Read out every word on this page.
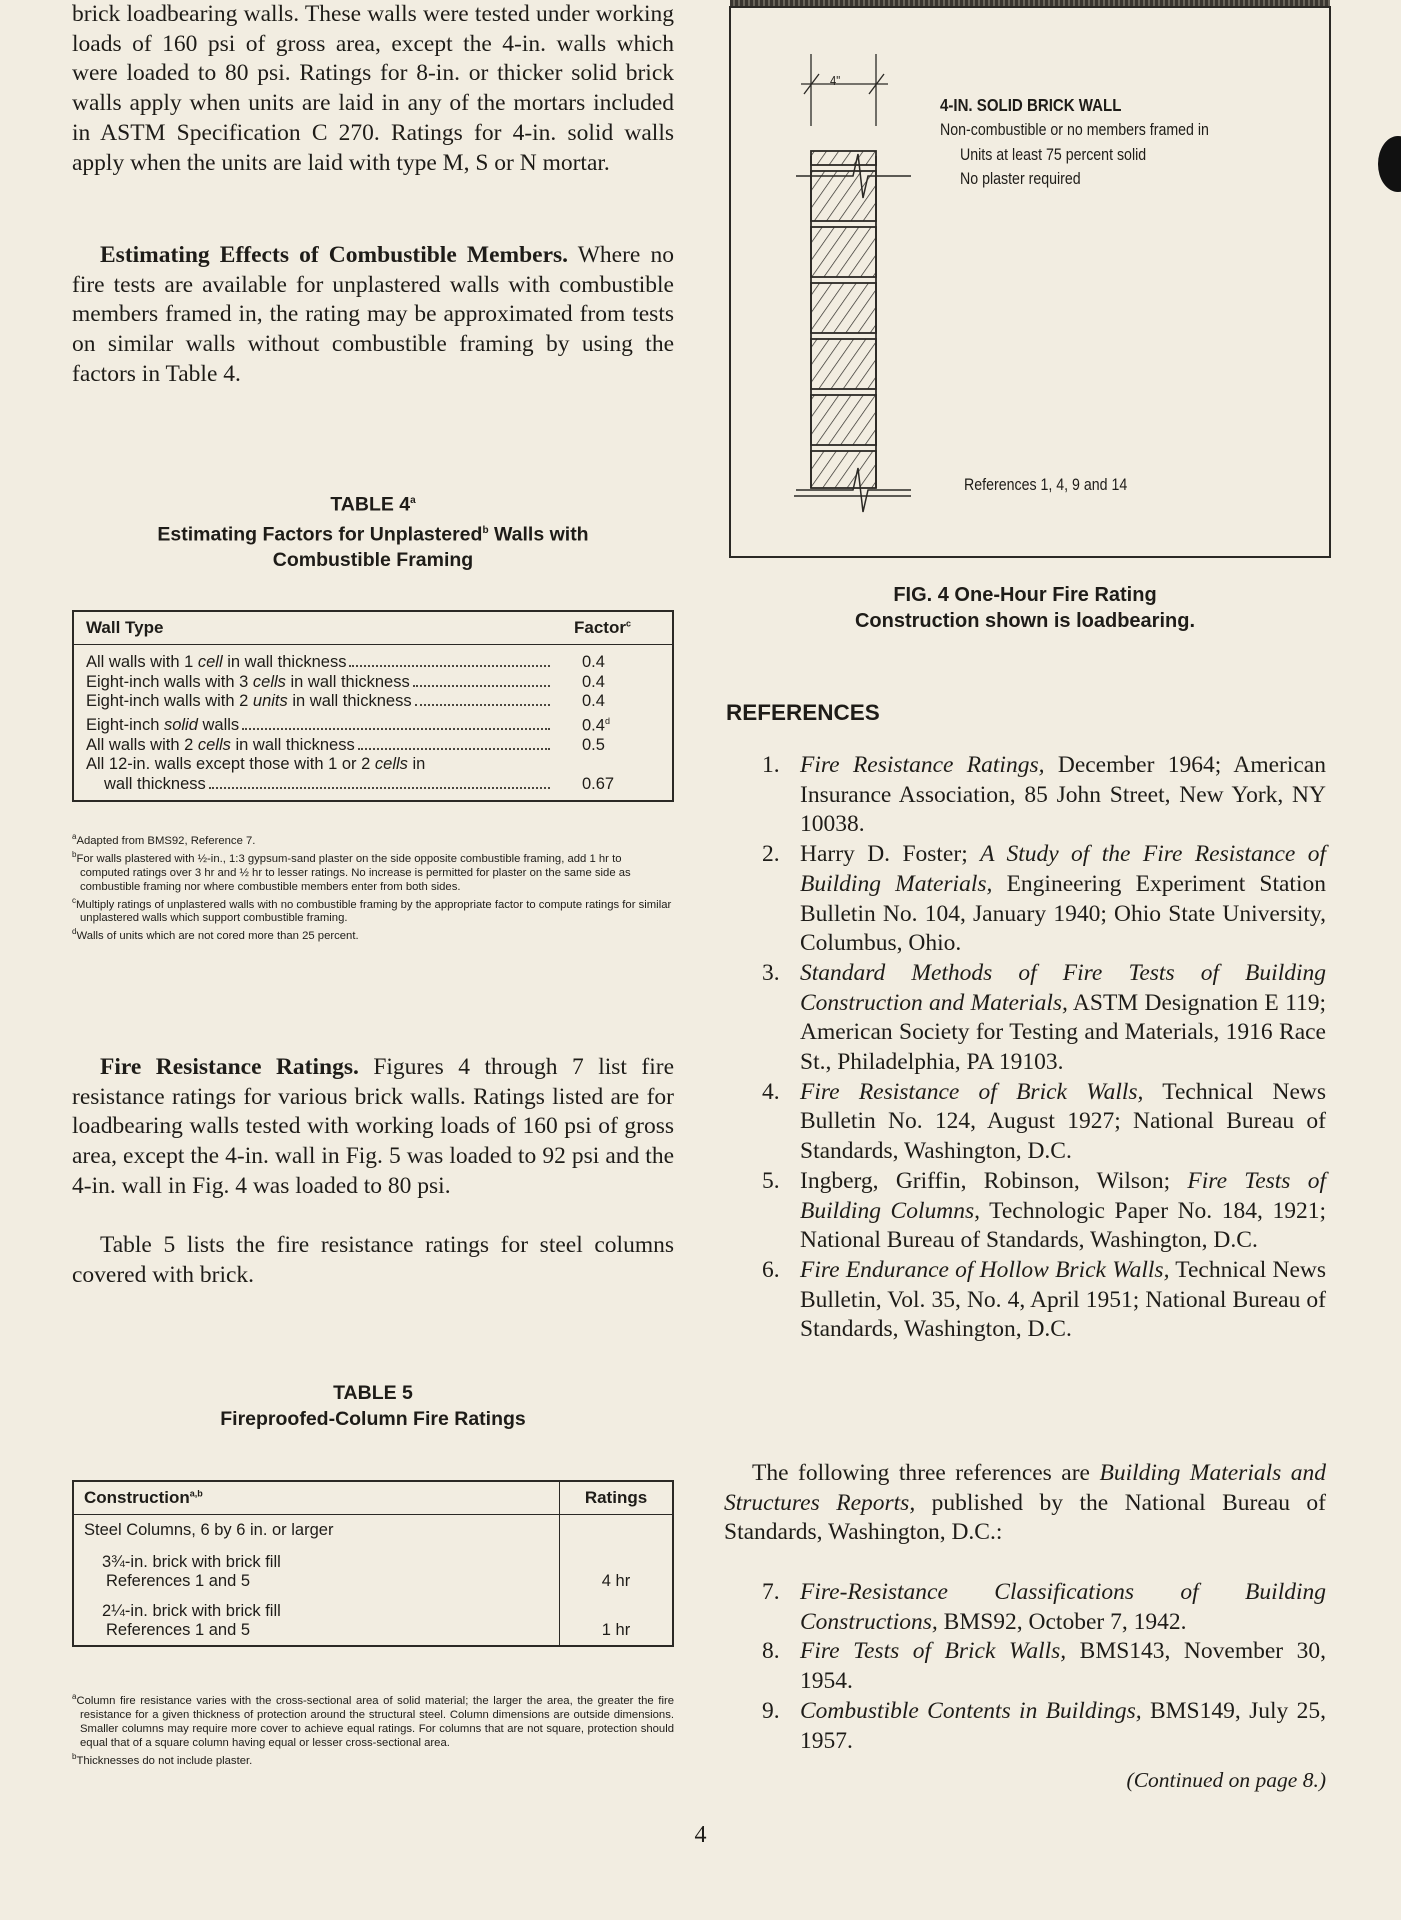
brick loadbearing walls. These walls were tested under working loads of 160 psi of gross area, except the 4-in. walls which were loaded to 80 psi. Ratings for 8-in. or thicker solid brick walls apply when units are laid in any of the mortars included in ASTM Specification C 270. Ratings for 4-in. solid walls apply when the units are laid with type M, S or N mortar.

Estimating Effects of Combustible Members. Where no fire tests are available for unplastered walls with combustible members framed in, the rating may be approximated from tests on similar walls without combustible framing by using the factors in Table 4.

TABLE 4$^a$
Estimating Factors for Unplastered$^b$ Walls with
Combustible Framing
Wall Type	Factor$^c$

All walls with 1 cell in wall thickness	0.4

Eight-inch walls with 3 cells in wall thickness	0.4

Eight-inch walls with 2 units in wall thickness	0.4

Eight-inch solid walls	0.4$^d$

All walls with 2 cells in wall thickness	0.5
All 12-in. walls except those with 1 or 2 cells in
wall thickness	0.67
$^a$Adapted from BMS92, Reference 7.
$^b$For walls plastered with ½-in., 1:3 gypsum-sand plaster on the side opposite combustible framing, add 1 hr to computed ratings over 3 hr and ½ hr to lesser ratings. No increase is permitted for plaster on the same side as combustible framing nor where combustible members enter from both sides.
$^c$Multiply ratings of unplastered walls with no combustible framing by the appropriate factor to compute ratings for similar unplastered walls which support combustible framing.
$^d$Walls of units which are not cored more than 25 percent.

Fire Resistance Ratings. Figures 4 through 7 list fire resistance ratings for various brick walls. Ratings listed are for loadbearing walls tested with working loads of 160 psi of gross area, except the 4-in. wall in Fig. 5 was loaded to 92 psi and the 4-in. wall in Fig. 4 was loaded to 80 psi.

Table 5 lists the fire resistance ratings for steel columns covered with brick.

TABLE 5
Fireproofed-Column Fire Ratings
Construction$^{a,b}$	Ratings
Steel Columns, 6 by 6 in. or larger	

3¾-in. brick with brick fill
References 1 and 5	4 hr

2¼-in. brick with brick fill
References 1 and 5	1 hr
$^a$Column fire resistance varies with the cross-sectional area of solid material; the larger the area, the greater the fire resistance for a given thickness of protection around the structural steel. Column dimensions are outside dimensions. Smaller columns may require more cover to achieve equal ratings. For columns that are not square, protection should equal that of a square column having equal or lesser cross-sectional area.
$^b$Thicknesses do not include plaster.
4-IN. SOLID BRICK WALL
Non-combustible or no members framed in
Units at least 75 percent solid
No plaster required
References 1, 4, 9 and 14
4"
FIG. 4 One-Hour Fire Rating
Construction shown is loadbearing.
REFERENCES
1. Fire Resistance Ratings, December 1964; American Insurance Association, 85 John Street, New York, NY 10038.
2. Harry D. Foster; A Study of the Fire Resistance of Building Materials, Engineering Experiment Station Bulletin No. 104, January 1940; Ohio State University, Columbus, Ohio.
3. Standard Methods of Fire Tests of Building Construction and Materials, ASTM Designation E 119; American Society for Testing and Materials, 1916 Race St., Philadelphia, PA 19103.
4. Fire Resistance of Brick Walls, Technical News Bulletin No. 124, August 1927; National Bureau of Standards, Washington, D.C.
5. Ingberg, Griffin, Robinson, Wilson; Fire Tests of Building Columns, Technologic Paper No. 184, 1921; National Bureau of Standards, Washington, D.C.
6. Fire Endurance of Hollow Brick Walls, Technical News Bulletin, Vol. 35, No. 4, April 1951; National Bureau of Standards, Washington, D.C.

The following three references are Building Materials and Structures Reports, published by the National Bureau of Standards, Washington, D.C.:

7. Fire-Resistance Classifications of Building Constructions, BMS92, October 7, 1942.
8. Fire Tests of Brick Walls, BMS143, November 30, 1954.
9. Combustible Contents in Buildings, BMS149, July 25, 1957.
(Continued on page 8.)
4
